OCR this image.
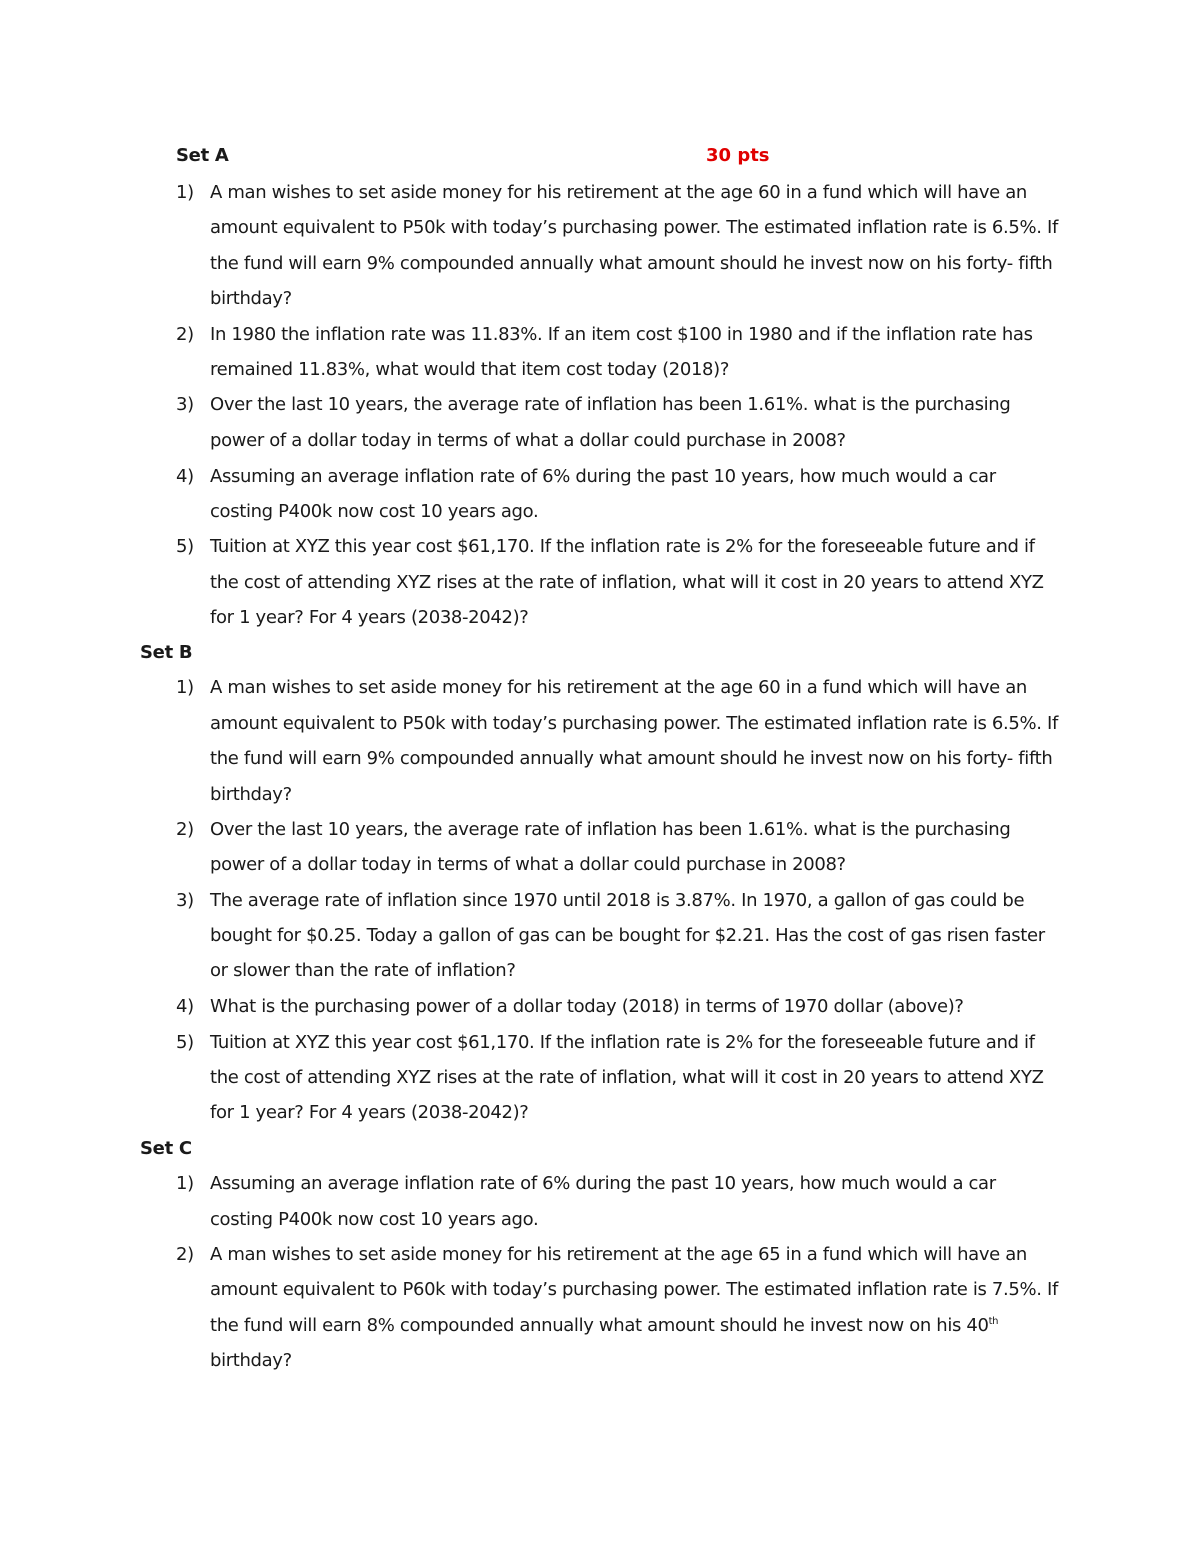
Set A	30 pts
1) A man wishes to set aside money for his retirement at the age 60 in a fund which will have an
amount equivalent to P50k with today’s purchasing power. The estimated inflation rate is 6.5%. If
the fund will earn 9% compounded annually what amount should he invest now on his forty- fifth
birthday?
2) In 1980 the inflation rate was 11.83%. If an item cost $100 in 1980 and if the inflation rate has
remained 11.83%, what would that item cost today (2018)?
3) Over the last 10 years, the average rate of inflation has been 1.61%. what is the purchasing
power of a dollar today in terms of what a dollar could purchase in 2008?
4) Assuming an average inflation rate of 6% during the past 10 years, how much would a car
costing P400k now cost 10 years ago.
5) Tuition at XYZ this year cost $61,170. If the inflation rate is 2% for the foreseeable future and if
the cost of attending XYZ rises at the rate of inflation, what will it cost in 20 years to attend XYZ
for 1 year? For 4 years (2038-2042)?
Set B
1) A man wishes to set aside money for his retirement at the age 60 in a fund which will have an
amount equivalent to P50k with today’s purchasing power. The estimated inflation rate is 6.5%. If
the fund will earn 9% compounded annually what amount should he invest now on his forty- fifth
birthday?
2) Over the last 10 years, the average rate of inflation has been 1.61%. what is the purchasing
power of a dollar today in terms of what a dollar could purchase in 2008?
3) The average rate of inflation since 1970 until 2018 is 3.87%. In 1970, a gallon of gas could be
bought for $0.25. Today a gallon of gas can be bought for $2.21. Has the cost of gas risen faster
or slower than the rate of inflation?
4) What is the purchasing power of a dollar today (2018) in terms of 1970 dollar (above)?
5) Tuition at XYZ this year cost $61,170. If the inflation rate is 2% for the foreseeable future and if
the cost of attending XYZ rises at the rate of inflation, what will it cost in 20 years to attend XYZ
for 1 year? For 4 years (2038-2042)?
Set C
1) Assuming an average inflation rate of 6% during the past 10 years, how much would a car
costing P400k now cost 10 years ago.
2) A man wishes to set aside money for his retirement at the age 65 in a fund which will have an
amount equivalent to P60k with today’s purchasing power. The estimated inflation rate is 7.5%. If
the fund will earn 8% compounded annually what amount should he invest now on his 40th
birthday?
